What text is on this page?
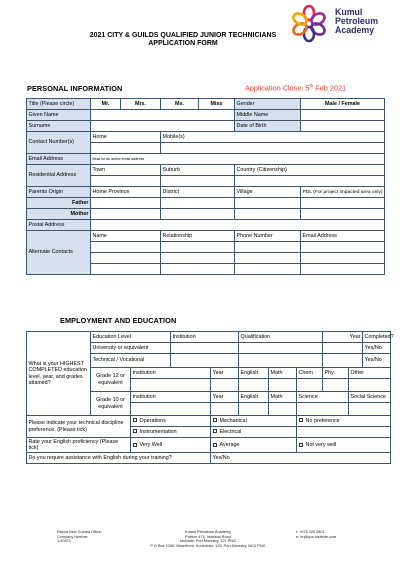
2021 CITY & GUILDS QUALIFIED JUNIOR TECHNICIANS
APPLICATION FORM
Kumul
Petroleum
Academy
PERSONAL INFORMATION	Application Close: 5th Feb 2021
Title (Please circle)	Mr.	Mrs.	Ms.	Miss	Gender	Male / Female
Given Name					Middle Name	
Surname					Date of Birth	
Contact Number(s)	Home		Mobile(s)			

Email Address	Must be an active email address					
Residential Address	Town		Suburb		Country (Citizenship)	

Parents Origin	Home Province		District		Village	PDL (For project impacted area only)
Father						
Mother						
Postal Address						
Alternate Contacts	Name		Relationship		Phone Number	Email Address

EMPLOYMENT AND EDUCATION
What is your HIGHEST COMPLETED education level, year, and grades attained?	Education Level		Institution		Qualification			Year		Completed?
	University or equivalent									Yes/No
	Technical / Vocational									Yes/No
	Grade 12 or equivalent	Institution		Year	English	Math	Chem	Phy	Other	

	Grade 10 or equivalent	Institution		Year	English	Math	Science		Social Science	

Please indicate your technical discipline preference. (Please tick)		Operations		Mechanical			No preference			
		Instrumentation		Electrical						
Rate your English proficiency (Please tick)		Very Well		Average			Not very well			
Do you require assistance with English during your training?				Yes/No						
Papua New Guinea Office:
Company Number
1-90471
Kumul Petroleum Academy
Portion 474, Idubada Road
Idubada, Port Moresby, 121 PNG
P O Box 1039, Waterfront, Konedobu, 125, Port Moresby, NCD PNG
t: +675 320 2801
e: hr@kpa-institute.com
